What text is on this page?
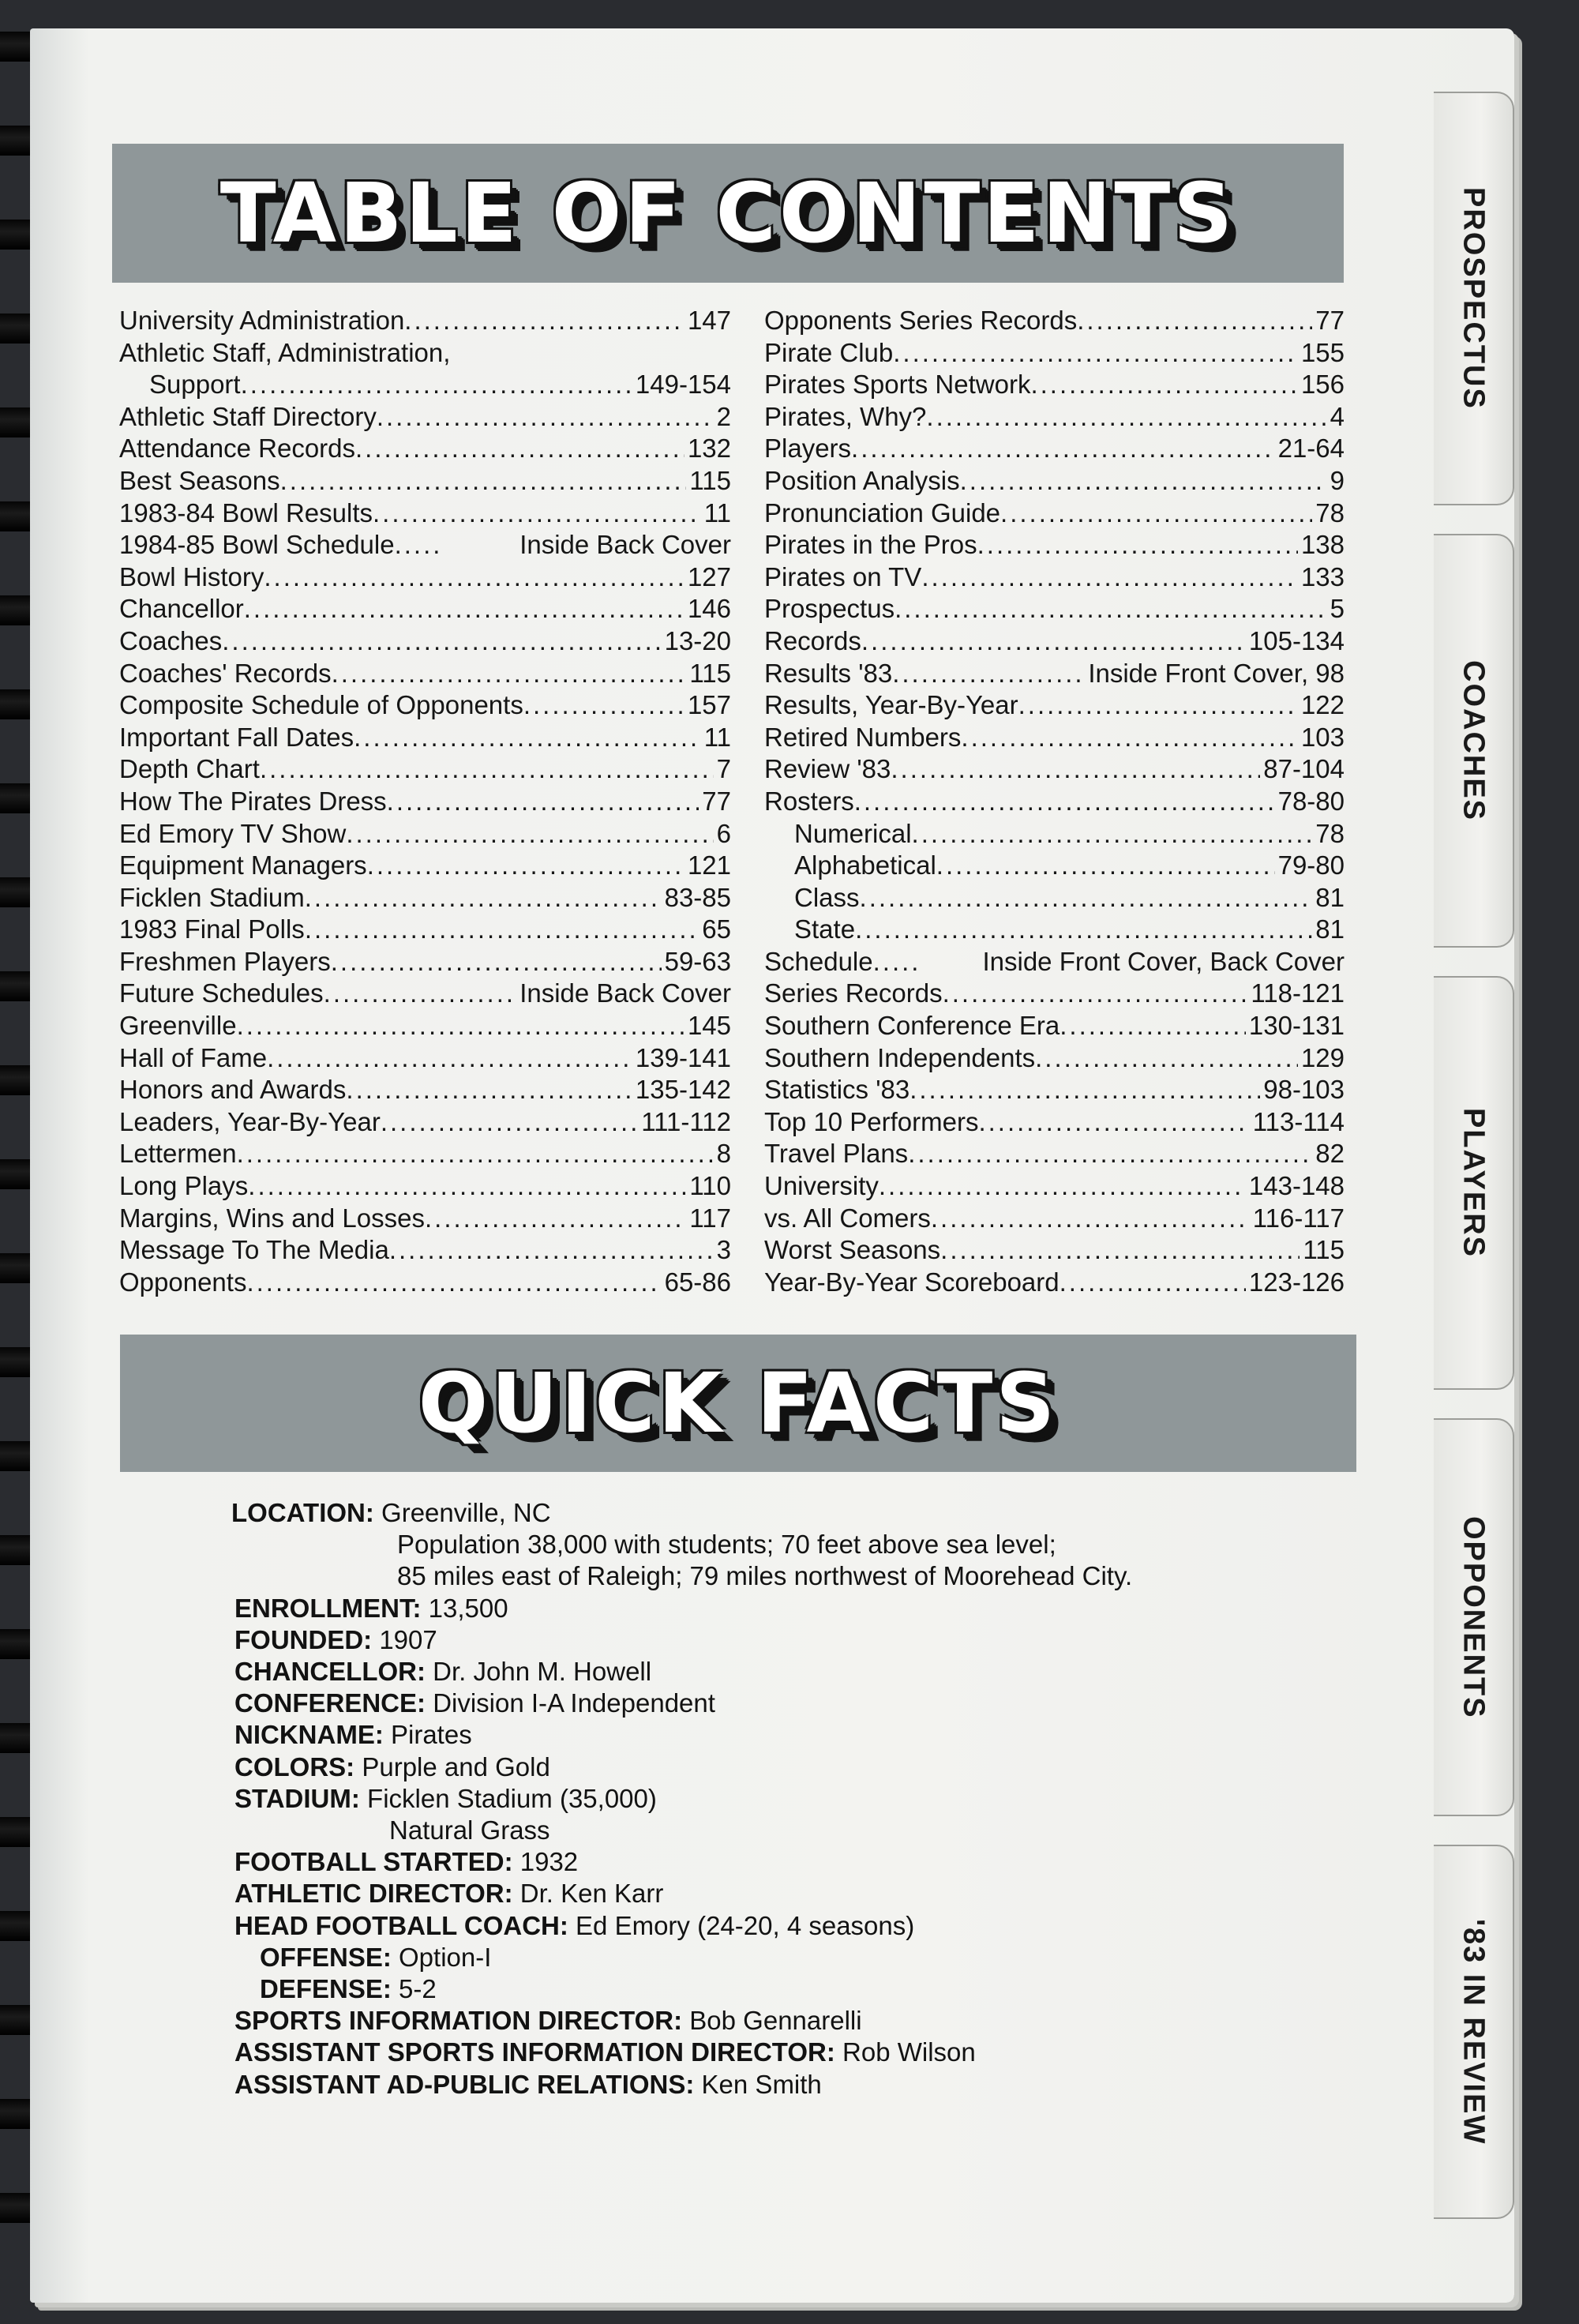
PROSPECTUS
COACHES
PLAYERS
OPPONENTS
'83 IN REVIEW
TABLE OF CONTENTS
University Administration .....	147
Athletic Staff, Administration,
Support .....	149-154
Athletic Staff Directory .....	2
Attendance Records .....	132
Best Seasons .....	115
1983-84 Bowl Results .....	11
1984-85 Bowl Schedule .....	Inside Back Cover
Bowl History .....	127
Chancellor .....	146
Coaches .....	13-20
Coaches' Records .....	115
Composite Schedule of Opponents .....	157
Important Fall Dates .....	11
Depth Chart .....	7
How The Pirates Dress .....	77
Ed Emory TV Show .....	6
Equipment Managers .....	121
Ficklen Stadium .....	83-85
1983 Final Polls .....	65
Freshmen Players .....	59-63
Future Schedules .....	Inside Back Cover
Greenville .....	145
Hall of Fame .....	139-141
Honors and Awards .....	135-142
Leaders, Year-By-Year .....	111-112
Lettermen .....	8
Long Plays .....	110
Margins, Wins and Losses .....	117
Message To The Media .....	3
Opponents .....	65-86
Opponents Series Records .....	77
Pirate Club .....	155
Pirates Sports Network .....	156
Pirates, Why? .....	4
Players .....	21-64
Position Analysis .....	9
Pronunciation Guide .....	78
Pirates in the Pros .....	138
Pirates on TV .....	133
Prospectus .....	5
Records .....	105-134
Results '83 .....	Inside Front Cover, 98
Results, Year-By-Year .....	122
Retired Numbers .....	103
Review '83 .....	87-104
Rosters .....	78-80
Numerical .....	78
Alphabetical .....	79-80
Class .....	81
State .....	81
Schedule .....	Inside Front Cover, Back Cover
Series Records .....	118-121
Southern Conference Era .....	130-131
Southern Independents .....	129
Statistics '83 .....	98-103
Top 10 Performers .....	113-114
Travel Plans .....	82
University .....	143-148
vs. All Comers .....	116-117
Worst Seasons .....	115
Year-By-Year Scoreboard .....	123-126
QUICK FACTS
LOCATION: Greenville, NC
Population 38,000 with students; 70 feet above sea level;
85 miles east of Raleigh; 79 miles northwest of Moorehead City.
ENROLLMENT: 13,500
FOUNDED: 1907
CHANCELLOR: Dr. John M. Howell
CONFERENCE: Division I-A Independent
NICKNAME: Pirates
COLORS: Purple and Gold
STADIUM: Ficklen Stadium (35,000)
Natural Grass
FOOTBALL STARTED: 1932
ATHLETIC DIRECTOR: Dr. Ken Karr
HEAD FOOTBALL COACH: Ed Emory (24-20, 4 seasons)
OFFENSE: Option-I
DEFENSE: 5-2
SPORTS INFORMATION DIRECTOR: Bob Gennarelli
ASSISTANT SPORTS INFORMATION DIRECTOR: Rob Wilson
ASSISTANT AD-PUBLIC RELATIONS: Ken Smith
